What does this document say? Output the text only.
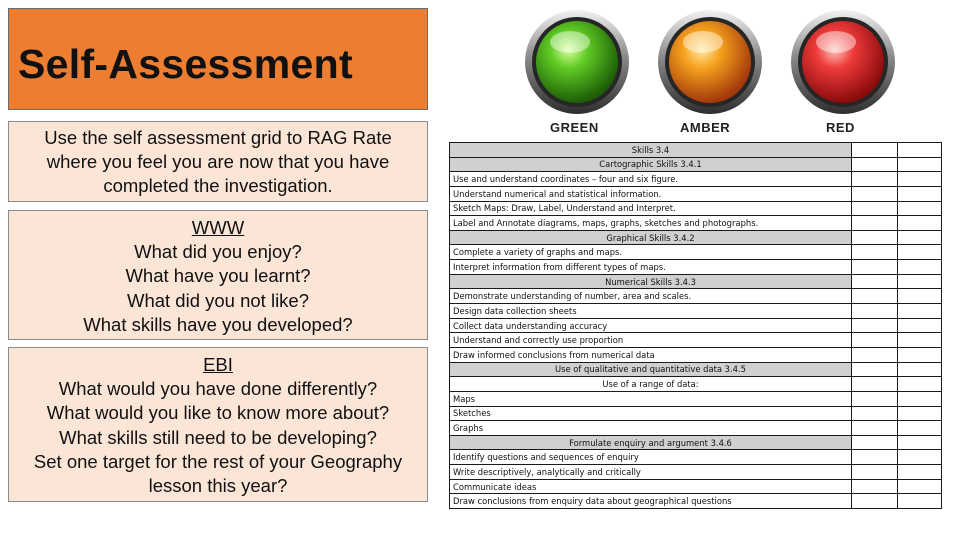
Self-Assessment
Use the self assessment grid to RAG Rate where you feel you are now that you have completed the investigation.
WWW
What did you enjoy?
What have you learnt?
What did you not like?
What skills have you developed?
EBI
What would you have done differently?
What would you like to know more about?
What skills still need to be developing?
Set one target for the rest of your Geography lesson this year?
GREEN	AMBER	RED
Skills 3.4		
Cartographic Skills 3.4.1		
Use and understand coordinates – four and six figure.		
Understand numerical and statistical information.		
Sketch Maps: Draw, Label, Understand and Interpret.		
Label and Annotate diagrams, maps, graphs, sketches and photographs.		
Graphical Skills 3.4.2		
Complete a variety of graphs and maps.		
Interpret information from different types of maps.		
Numerical Skills 3.4.3		
Demonstrate understanding of number, area and scales.		
Design data collection sheets		
Collect data understanding accuracy		
Understand and correctly use proportion		
Draw informed conclusions from numerical data		
Use of qualitative and quantitative data 3.4.5		
Use of a range of data:		
Maps		
Sketches		
Graphs		
Formulate enquiry and argument 3.4.6		
Identify questions and sequences of enquiry		
Write descriptively, analytically and critically		
Communicate ideas		
Draw conclusions from enquiry data about geographical questions		
